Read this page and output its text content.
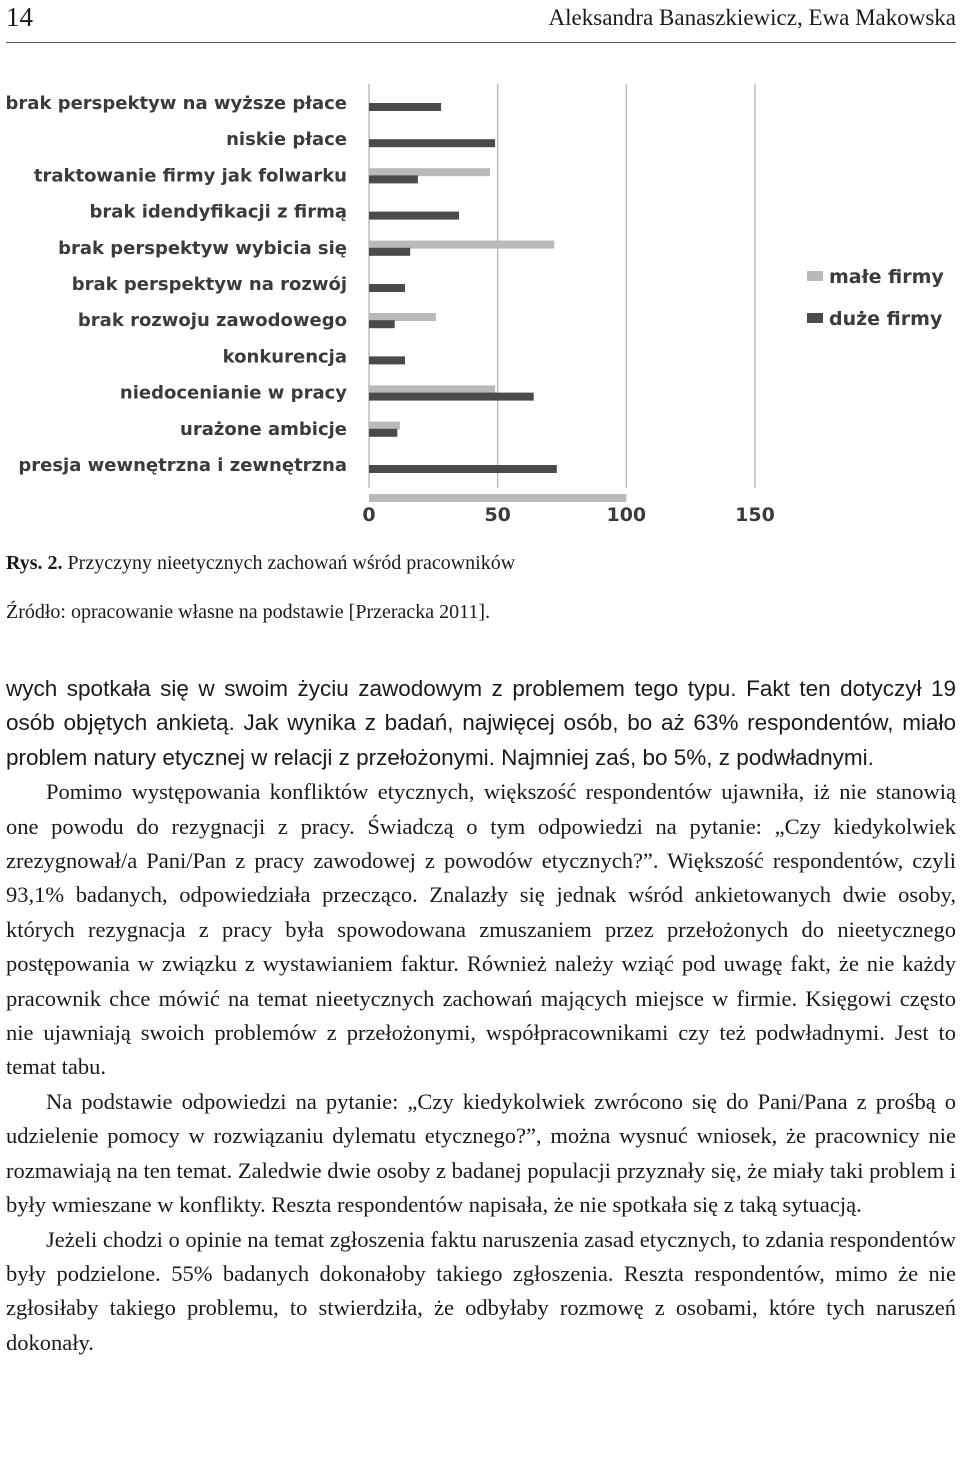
14	Aleksandra Banaszkiewicz, Ewa Makowska
brak perspektyw na wyższe płace
niskie płace
traktowanie firmy jak folwarku
brak idendyfikacji z firmą
brak perspektyw wybicia się
brak perspektyw na rozwój
brak rozwoju zawodowego
konkurencja
niedocenianie w pracy
urażone ambicje
presja wewnętrzna i zewnętrzna
0	50	100	150
małe firmy
duże firmy
Rys. 2. Przyczyny nieetycznych zachowań wśród pracowników
Źródło: opracowanie własne na podstawie [Przeracka 2011].

wych spotkała się w swoim życiu zawodowym z problemem tego typu. Fakt ten dotyczył 19 osób objętych ankietą. Jak wynika z badań, najwięcej osób, bo aż 63% respondentów, miało problem natury etycznej w relacji z przełożonymi. Najmniej zaś, bo 5%, z podwładnymi.

Pomimo występowania konfliktów etycznych, większość respondentów ujawniła, iż nie stanowią one powodu do rezygnacji z pracy. Świadczą o tym odpowiedzi na pytanie: „Czy kiedykolwiek zrezygnował/a Pani/Pan z pracy zawodowej z powodów etycznych?”. Większość respondentów, czyli 93,1% badanych, odpowiedziała przecząco. Znalazły się jednak wśród ankietowanych dwie osoby, których rezygnacja z pracy była spowodowana zmuszaniem przez przełożonych do nieetycznego postępowania w związku z wystawianiem faktur. Również należy wziąć pod uwagę fakt, że nie każdy pracownik chce mówić na temat nieetycznych zachowań mających miejsce w firmie. Księgowi często nie ujawniają swoich problemów z przełożonymi, współpracownikami czy też podwładnymi. Jest to temat tabu.

Na podstawie odpowiedzi na pytanie: „Czy kiedykolwiek zwrócono się do Pani/Pana z prośbą o udzielenie pomocy w rozwiązaniu dylematu etycznego?”, można wysnuć wniosek, że pracownicy nie rozmawiają na ten temat. Zaledwie dwie osoby z badanej populacji przyznały się, że miały taki problem i były wmieszane w konflikty. Reszta respondentów napisała, że nie spotkała się z taką sytuacją.

Jeżeli chodzi o opinie na temat zgłoszenia faktu naruszenia zasad etycznych, to zdania respondentów były podzielone. 55% badanych dokonałoby takiego zgłoszenia. Reszta respondentów, mimo że nie zgłosiłaby takiego problemu, to stwierdziła, że odbyłaby rozmowę z osobami, które tych naruszeń dokonały.
